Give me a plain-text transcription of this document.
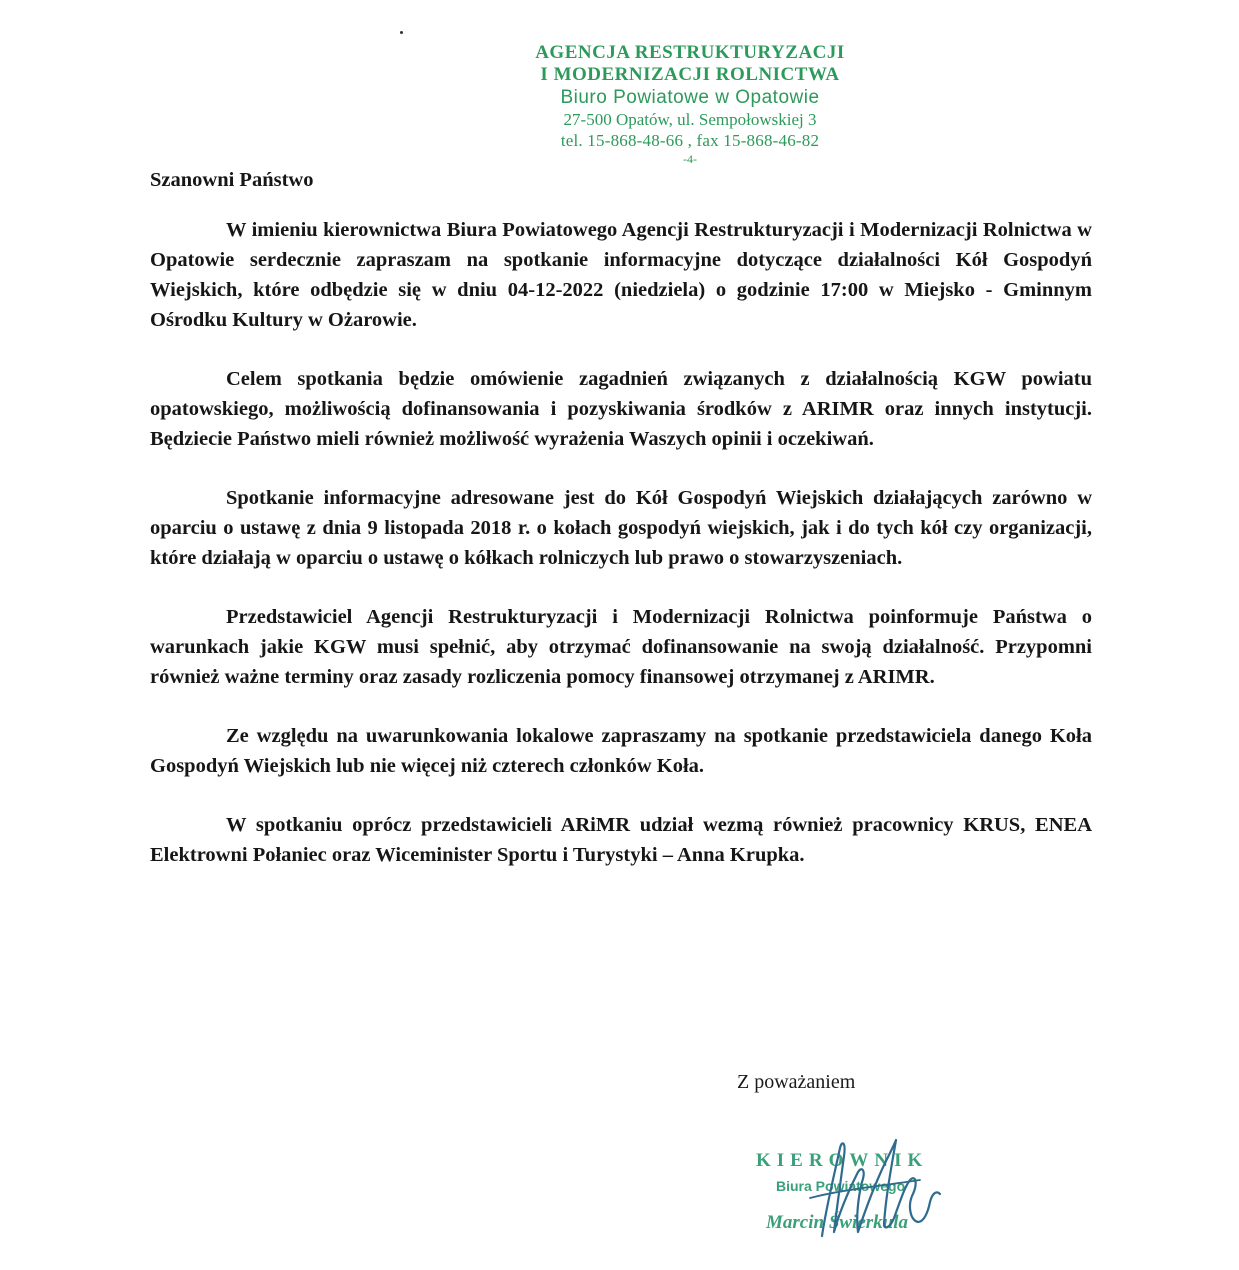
AGENCJA RESTRUKTURYZACJI
I MODERNIZACJI ROLNICTWA
Biuro Powiatowe w Opatowie
27-500 Opatów, ul. Sempołowskiej 3
tel. 15-868-48-66 , fax 15-868-46-82
-4-

Szanowni Państwo

W imieniu kierownictwa Biura Powiatowego Agencji Restrukturyzacji i Modernizacji Rolnictwa w Opatowie serdecznie zapraszam na spotkanie informacyjne dotyczące działalności Kół Gospodyń Wiejskich, które odbędzie się w dniu 04-12-2022 (niedziela) o godzinie 17:00 w Miejsko - Gminnym Ośrodku Kultury w Ożarowie.

Celem spotkania będzie omówienie zagadnień związanych z działalnością KGW powiatu opatowskiego, możliwością dofinansowania i pozyskiwania środków z ARIMR oraz innych instytucji. Będziecie Państwo mieli również możliwość wyrażenia Waszych opinii i oczekiwań.

Spotkanie informacyjne adresowane jest do Kół Gospodyń Wiejskich działających zarówno w oparciu o ustawę z dnia 9 listopada 2018 r. o kołach gospodyń wiejskich, jak i do tych kół czy organizacji, które działają w oparciu o ustawę o kółkach rolniczych lub prawo o stowarzyszeniach.

Przedstawiciel Agencji Restrukturyzacji i Modernizacji Rolnictwa poinformuje Państwa o warunkach jakie KGW musi spełnić, aby otrzymać dofinansowanie na swoją działalność. Przypomni również ważne terminy oraz zasady rozliczenia pomocy finansowej otrzymanej z ARIMR.

Ze względu na uwarunkowania lokalowe zapraszamy na spotkanie przedstawiciela danego Koła Gospodyń Wiejskich lub nie więcej niż czterech członków Koła.

W spotkaniu oprócz przedstawicieli ARiMR udział wezmą również pracownicy KRUS, ENEA Elektrowni Połaniec oraz Wiceminister Sportu i Turystyki – Anna Krupka.

Z poważaniem
KIEROWNIK
Biura Powiatowego
Marcin Świerkula
